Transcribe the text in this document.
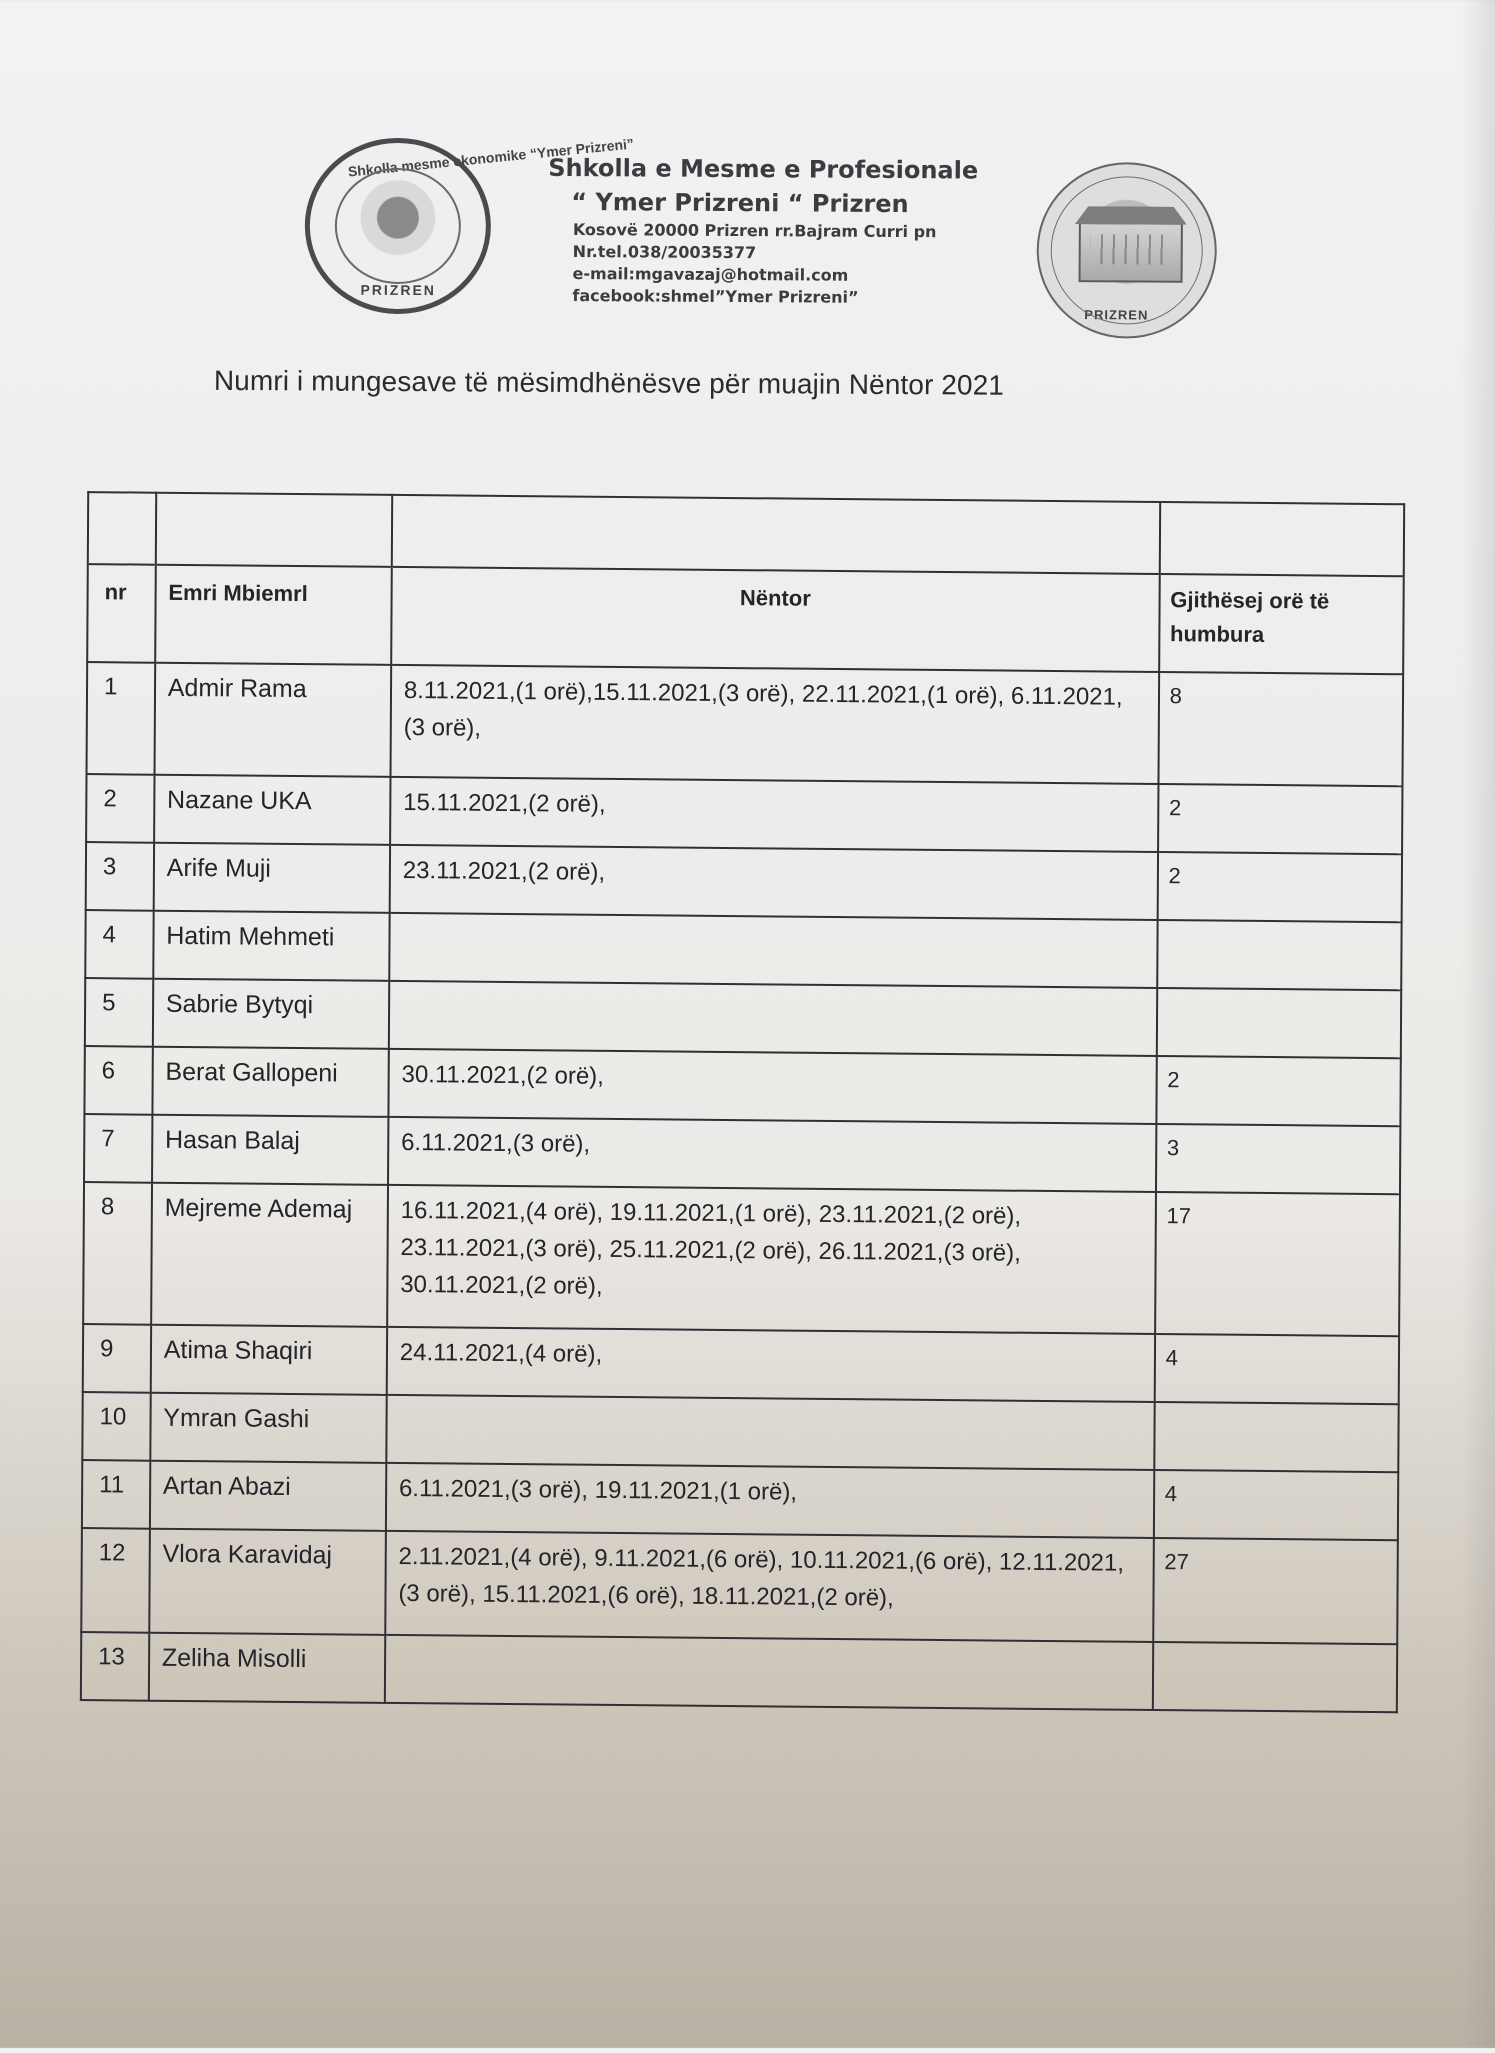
Shkolla mesme ekonomike “Ymer Prizreni”
PRIZREN
Shkolla e Mesme e Profesionale
“ Ymer Prizreni “ Prizren
Kosovë 20000 Prizren rr.Bajram Curri pn
Nr.tel.038/20035377
e-mail:mgavazaj@hotmail.com
facebook:shmel”Ymer Prizreni”
PRIZREN
Numri i mungesave të mësimdhënësve për muajin Nëntor 2021

nr	Emri Mbiemrl	Nëntor	Gjithësej orë të humbura

1	Admir Rama	8.11.2021,(1 orë),15.11.2021,(3 orë), 22.11.2021,(1 orë), 6.11.2021,(3 orë),	8

2	Nazane UKA	15.11.2021,(2 orë),	2

3	Arife Muji	23.11.2021,(2 orë),	2

4	Hatim Mehmeti		

5	Sabrie Bytyqi		

6	Berat Gallopeni	30.11.2021,(2 orë),	2

7	Hasan Balaj	6.11.2021,(3 orë),	3

8	Mejreme Ademaj	16.11.2021,(4 orë), 19.11.2021,(1 orë), 23.11.2021,(2 orë), 23.11.2021,(3 orë), 25.11.2021,(2 orë), 26.11.2021,(3 orë), 30.11.2021,(2 orë),	17

9	Atima Shaqiri	24.11.2021,(4 orë),	4

10	Ymran Gashi		

11	Artan Abazi	6.11.2021,(3 orë), 19.11.2021,(1 orë),	4

12	Vlora Karavidaj	2.11.2021,(4 orë), 9.11.2021,(6 orë), 10.11.2021,(6 orë), 12.11.2021,(3 orë), 15.11.2021,(6 orë), 18.11.2021,(2 orë),	27

13	Zeliha Misolli		
